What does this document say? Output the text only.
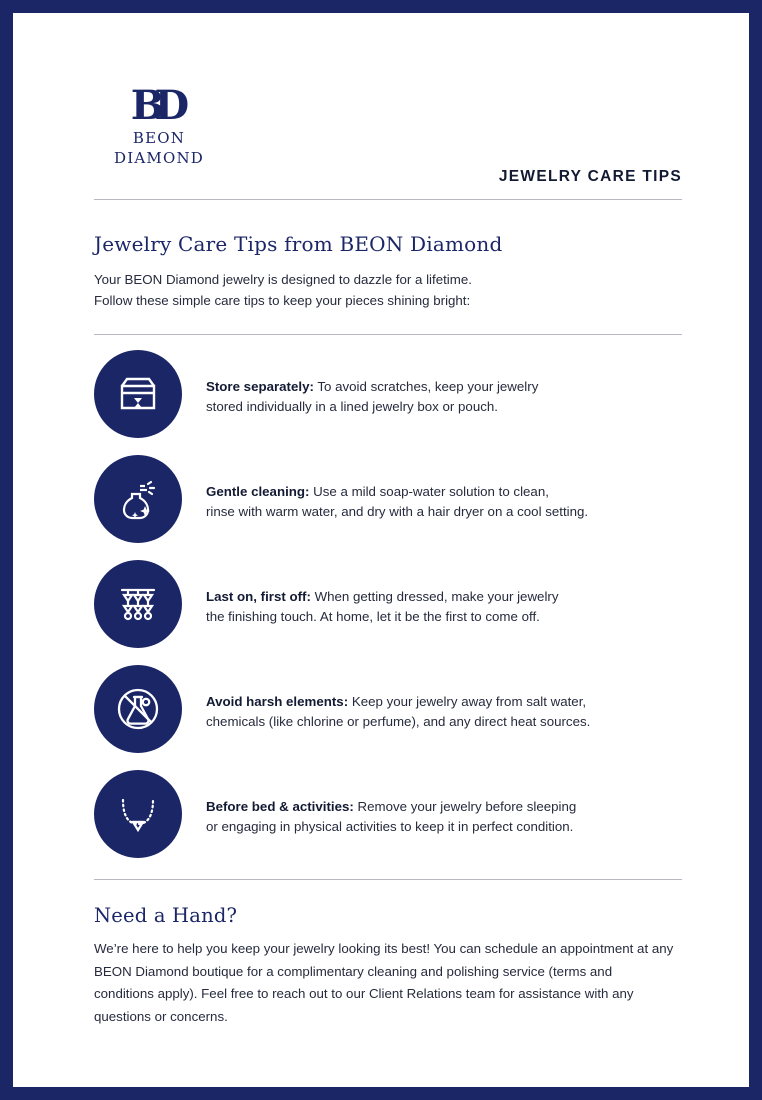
BD
BEON
DIAMOND
JEWELRY CARE TIPS
Jewelry Care Tips from BEON Diamond
Your BEON Diamond jewelry is designed to dazzle for a lifetime.
Follow these simple care tips to keep your pieces shining bright:
Store separately: To avoid scratches, keep your jewelry
stored individually in a lined jewelry box or pouch.
Gentle cleaning: Use a mild soap-water solution to clean,
rinse with warm water, and dry with a hair dryer on a cool setting.
Last on, first off: When getting dressed, make your jewelry
the finishing touch. At home, let it be the first to come off.
Avoid harsh elements: Keep your jewelry away from salt water,
chemicals (like chlorine or perfume), and any direct heat sources.
Before bed & activities: Remove your jewelry before sleeping
or engaging in physical activities to keep it in perfect condition.
Need a Hand?
We’re here to help you keep your jewelry looking its best! You can schedule an appointment at any BEON Diamond boutique for a complimentary cleaning and polishing service (terms and conditions apply). Feel free to reach out to our Client Relations team for assistance with any questions or concerns.
